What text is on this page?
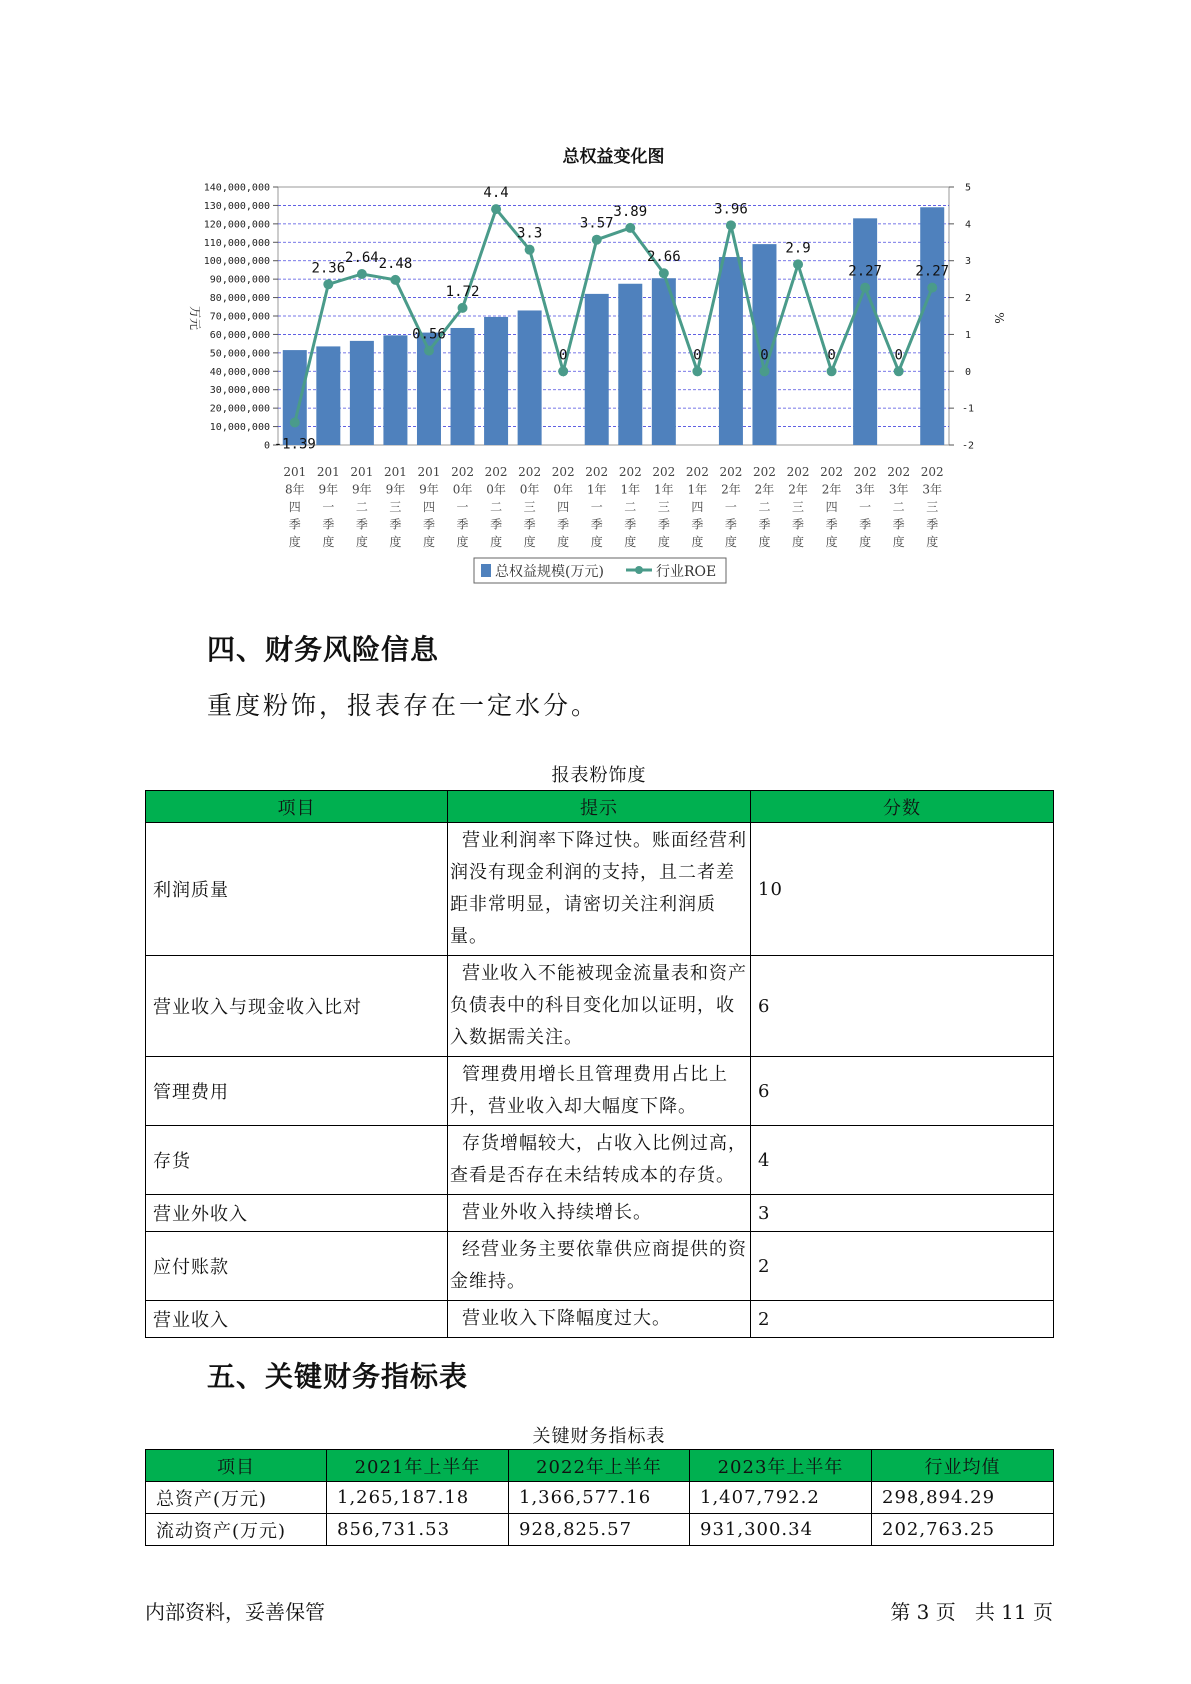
总权益变化图
140,000,000
130,000,000
120,000,000
110,000,000
100,000,000
90,000,000
80,000,000
70,000,000
60,000,000
50,000,000
40,000,000
30,000,000
20,000,000
10,000,000
0
5
4
3
2
1
0
-1
-2
万元	%
-1.39
2.36
2.64 2.48
0.56
1.72
4.4
3.3
0
3.57
3.89
2.66
0
3.96
0
2.9
0
2.27
0
2.27
201
8年
四
季
度
201
9年
一
季
度
201
9年
二
季
度
201
9年
三
季
度
201
9年
四
季
度
202
0年
一
季
度
202
0年
二
季
度
202
0年
三
季
度
202
0年
四
季
度
202
1年
一
季
度
202
1年
二
季
度
202
1年
三
季
度
202
1年
四
季
度
202
2年
一
季
度
202
2年
二
季
度
202
2年
三
季
度
202
2年
四
季
度
202
3年
一
季
度
202
3年
二
季
度
202
3年
三
季
度
总权益规模(万元)	行业ROE
四、财务风险信息
重度粉饰，报表存在一定水分。
报表粉饰度
项目	提示	分数
利润质量	营业利润率下降过快。账面经营利润没有现金利润的支持，且二者差距非常明显，请密切关注利润质量。	10
营业收入与现金收入比对	营业收入不能被现金流量表和资产负债表中的科目变化加以证明，收入数据需关注。	6
管理费用	管理费用增长且管理费用占比上升，营业收入却大幅度下降。	6
存货	存货增幅较大，占收入比例过高，查看是否存在未结转成本的存货。	4
营业外收入	营业外收入持续增长。	3
应付账款	经营业务主要依靠供应商提供的资金维持。	2
营业收入	营业收入下降幅度过大。	2
五、关键财务指标表
关键财务指标表
项目	2021年上半年	2022年上半年	2023年上半年	行业均值
总资产(万元)	1,265,187.18	1,366,577.16	1,407,792.2	298,894.29
流动资产(万元)	856,731.53	928,825.57	931,300.34	202,763.25
内部资料，妥善保管	第 3 页   共 11 页
